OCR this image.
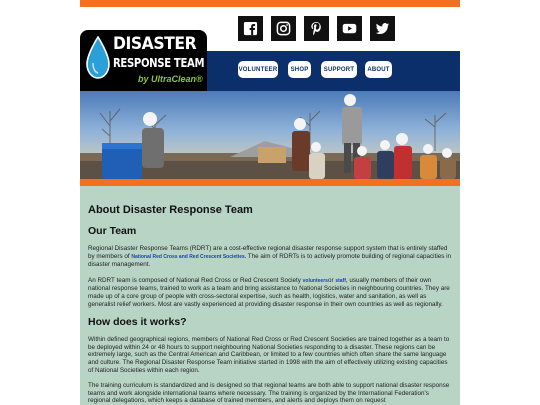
DISASTER
RESPONSE TEAM
by UltraClean®
VOLUNTEER	SHOP	SUPPORT	ABOUT
About Disaster Response Team
Our Team

Regional Disaster Response Teams (RDRT) are a cost-effective regional disaster response support system that is entirely staffed by members of National Red Cross and Red Crescent Societies. The aim of RDRTs is to actively promote building of regional capacities in disaster management.

An RDRT team is composed of National Red Cross or Red Crescent Society volunteersor staff, usually members of their own national response teams, trained to work as a team and bring assistance to National Societies in neighbouring countries. They are made up of a core group of people with cross-sectoral expertise, such as health, logistics, water and sanitation, as well as generalist relief workers. Most are vastly experienced at providing disaster response in their own countries as well as regionally.

How does it works?

Within defined geographical regions, members of National Red Cross or Red Crescent Societies are trained together as a team to be deployed within 24 or 48 hours to support neighbouring National Societies responding to a disaster. These regions can be extremely large, such as the Central American and Caribbean, or limited to a few countries which often share the same language and culture. The Regional Disaster Response Team initiative started in 1998 with the aim of effectively utilizing existing capacities of National Societies within each region.

The training curriculum is standardized and is designed so that regional teams are both able to support national disaster response teams and work alongside international teams where necessary. The training is organized by the International Federation's regional delegations, which keeps a database of trained members, and alerts and deploys them on request
